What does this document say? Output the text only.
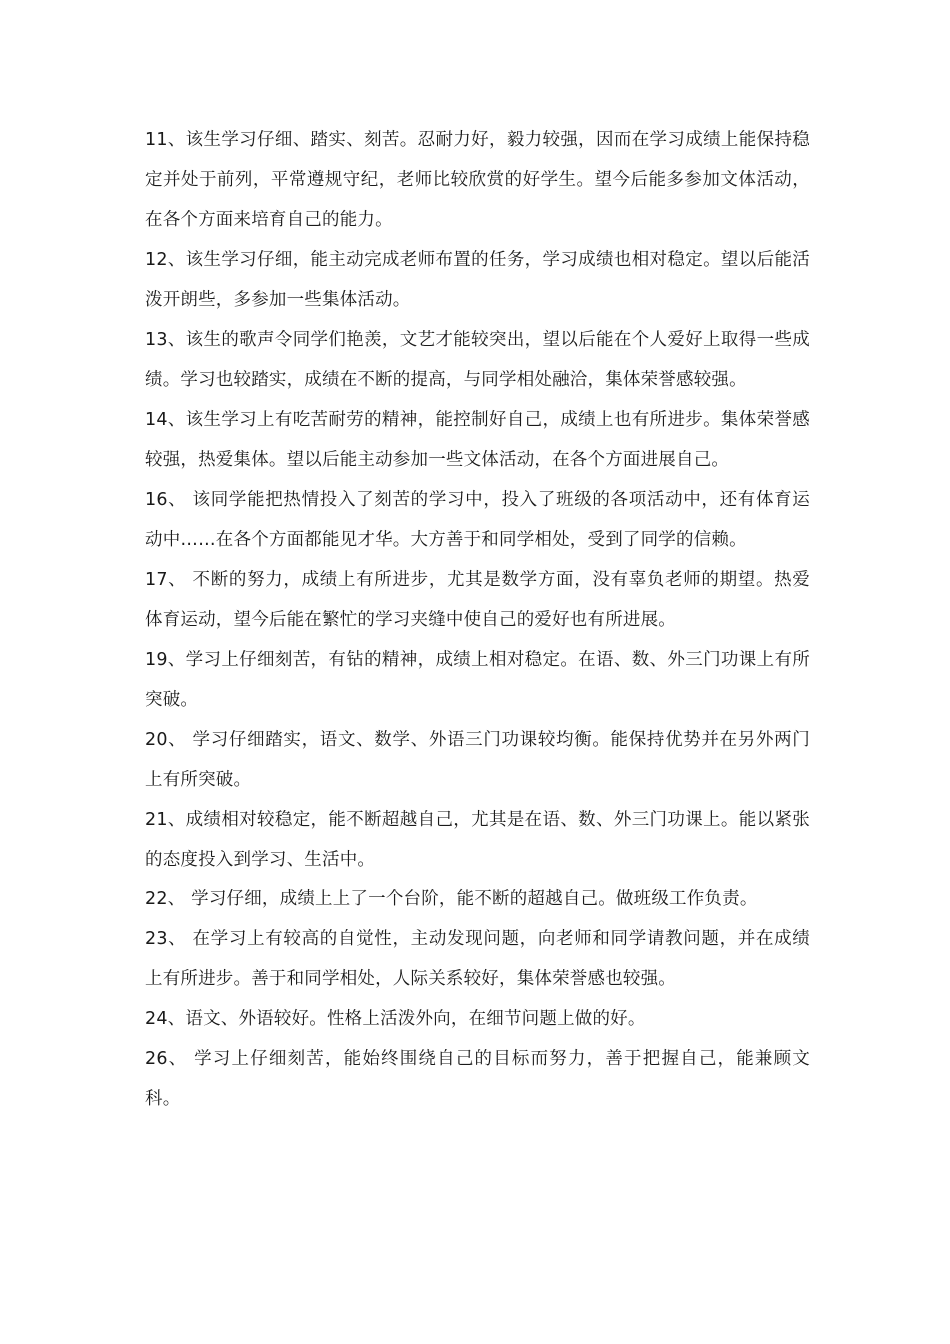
11、该生学习仔细、踏实、刻苦。忍耐力好，毅力较强，因而在学习成绩上能保持稳定并处于前列，平常遵规守纪，老师比较欣赏的好学生。望今后能多参加文体活动，在各个方面来培育自己的能力。

12、该生学习仔细，能主动完成老师布置的任务，学习成绩也相对稳定。望以后能活泼开朗些，多参加一些集体活动。

13、该生的歌声令同学们艳羡，文艺才能较突出，望以后能在个人爱好上取得一些成绩。学习也较踏实，成绩在不断的提高，与同学相处融洽，集体荣誉感较强。

14、该生学习上有吃苦耐劳的精神，能控制好自己，成绩上也有所进步。集体荣誉感较强，热爱集体。望以后能主动参加一些文体活动，在各个方面进展自己。

16、 该同学能把热情投入了刻苦的学习中，投入了班级的各项活动中，还有体育运动中……在各个方面都能见才华。大方善于和同学相处，受到了同学的信赖。

17、 不断的努力，成绩上有所进步，尤其是数学方面，没有辜负老师的期望。热爱体育运动，望今后能在繁忙的学习夹缝中使自己的爱好也有所进展。

19、学习上仔细刻苦，有钻的精神，成绩上相对稳定。在语、数、外三门功课上有所突破。

20、 学习仔细踏实，语文、数学、外语三门功课较均衡。能保持优势并在另外两门上有所突破。

21、成绩相对较稳定，能不断超越自己，尤其是在语、数、外三门功课上。能以紧张的态度投入到学习、生活中。

22、 学习仔细，成绩上上了一个台阶，能不断的超越自己。做班级工作负责。

23、 在学习上有较高的自觉性，主动发现问题，向老师和同学请教问题，并在成绩上有所进步。善于和同学相处，人际关系较好，集体荣誉感也较强。

24、语文、外语较好。性格上活泼外向，在细节问题上做的好。

26、 学习上仔细刻苦，能始终围绕自己的目标而努力，善于把握自己，能兼顾文科。
